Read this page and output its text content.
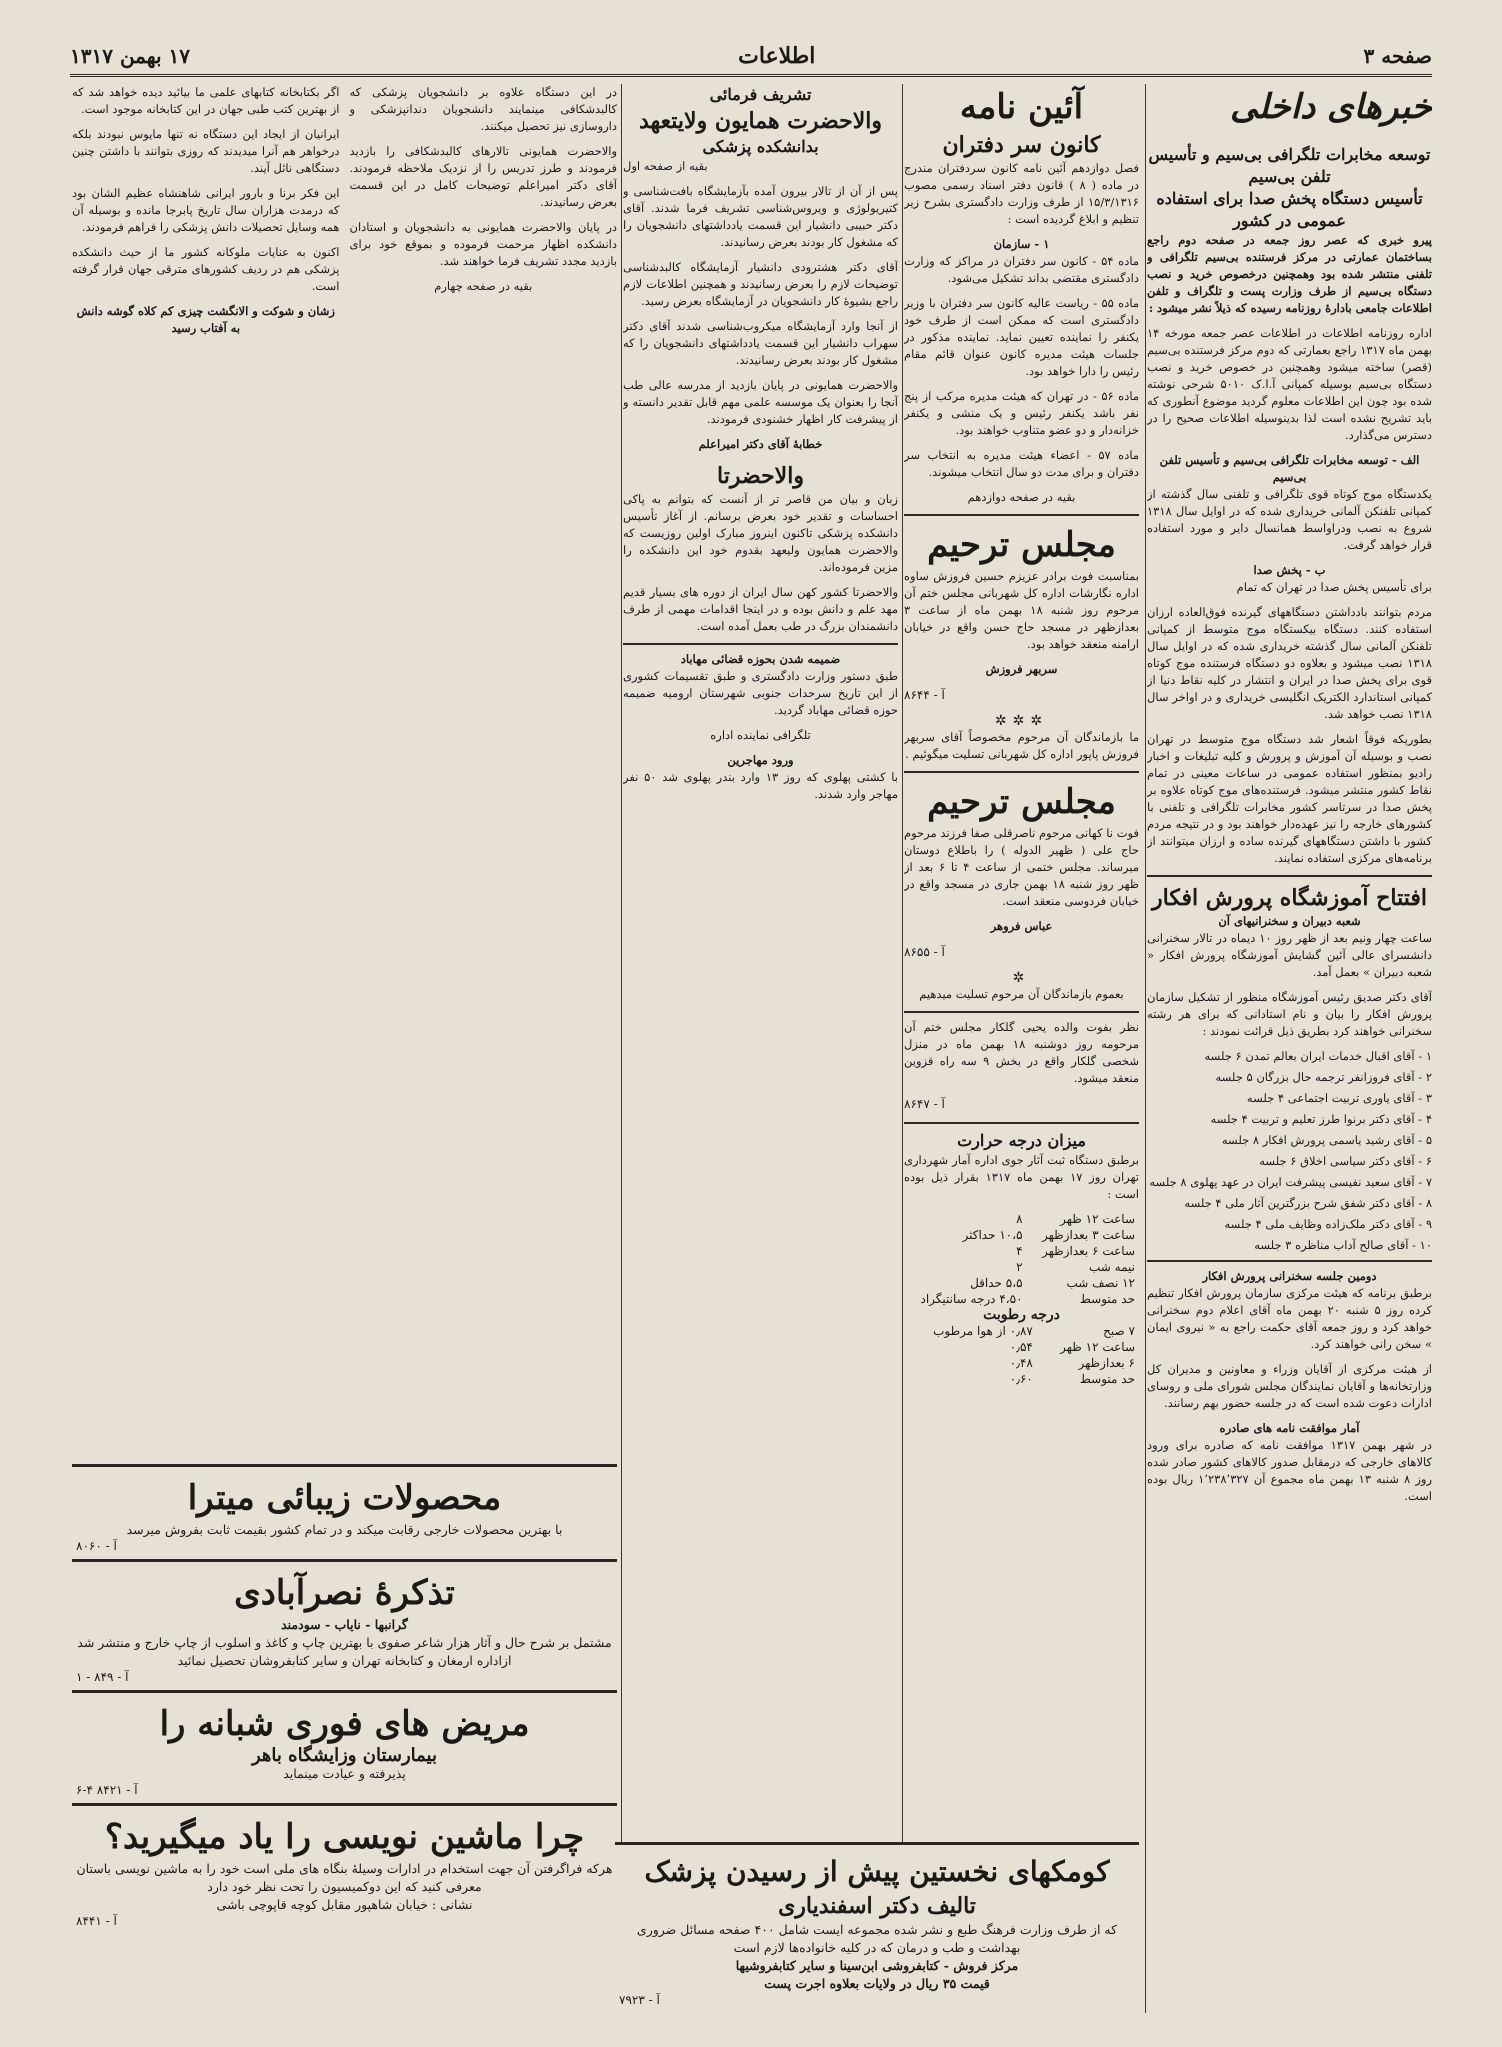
صفحه ۳
اطلاعات
۱۷ بهمن ۱۳۱۷
خبرهای داخلی
توسعه مخابرات تلگرافی بی‌سیم و تأسیس تلفن بی‌سیم
تأسیس دستگاه پخش صدا برای استفاده عمومی در کشور

پیرو خبری که عصر روز جمعه در صفحه دوم راجع بساختمان عمارتی در مرکز فرستنده بی‌سیم تلگرافی و تلفنی منتشر شده بود وهمچنین درخصوص خرید و نصب دستگاه بی‌سیم از طرف وزارت پست و تلگراف و تلفن اطلاعات جامعی بادارهٔ روزنامه رسیده که ذیلاً نشر میشود :

اداره روزنامه اطلاعات در اطلاعات عصر جمعه مورخه ۱۴ بهمن ماه ۱۳۱۷ راجع بعمارتی که دوم مرکز فرستنده بی‌سیم (قصر) ساخته میشود وهمچنین در خصوص خرید و نصب دستگاه بی‌سیم بوسیله کمپانی آ.ا.ک ۵۰۱۰ شرحی نوشته شده بود چون این اطلاعات معلوم گردید موضوع آنطوری که باید تشریح نشده است لذا بدینوسیله اطلاعات صحیح را در دسترس می‌گذارد.

الف - توسعه مخابرات تلگرافی بی‌سیم و تأسیس تلفن بی‌سیم

یکدستگاه موج کوتاه قوی تلگرافی و تلفنی سال گذشته از کمپانی تلفنکن آلمانی خریداری شده که در اوایل سال ۱۳۱۸ شروع به نصب ودراواسط همانسال دایر و مورد استفاده قرار خواهد گرفت.

ب - پخش صدا

برای تأسیس پخش صدا در تهران که تمام

مردم بتوانند بادداشتن دستگاههای گیرنده فوق‌العاده ارزان استفاده کنند. دستگاه بیکستگاه موج متوسط از کمپانی تلفنکن آلمانی سال گذشته خریداری شده که در اوایل سال ۱۳۱۸ نصب میشود و بعلاوه دو دستگاه فرستنده موج کوتاه قوی برای پخش صدا در ایران و انتشار در کلیه نقاط دنیا از کمپانی استاندارد الکتریک انگلیسی خریداری و در اواخر سال ۱۳۱۸ نصب خواهد شد.

بطوریکه فوقاً اشعار شد دستگاه موج متوسط در تهران نصب و بوسیله آن آموزش و پرورش و کلیه تبلیغات و اخبار رادیو بمنظور استفاده عمومی در ساعات معینی در تمام نقاط کشور منتشر میشود. فرستنده‌های موج کوتاه علاوه بر پخش صدا در سرتاسر کشور مخابرات تلگرافی و تلفنی با کشورهای خارجه را نیز عهده‌دار خواهند بود و در نتیجه مردم کشور با داشتن دستگاههای گیرنده ساده و ارزان میتوانند از برنامه‌های مرکزی استفاده نمایند.

افتتاح آموزشگاه پرورش افکار
شعبه دبیران و سخنرانیهای آن

ساعت چهار ونیم بعد از ظهر روز ۱۰ دیماه در تالار سخنرانی دانشسرای عالی آئین گشایش آموزشگاه پرورش افکار « شعبه دبیران » بعمل آمد.

آقای دکتر صدیق رئیس آموزشگاه منظور از تشکیل سازمان پرورش افکار را بیان و نام استادانی که برای هر رشته سخنرانی خواهند کرد بطریق ذیل قرائت نمودند :

۱ - آقای اقبال خدمات ایران بعالم تمدن ۶ جلسه

۲ - آقای فروزانفر ترجمه حال بزرگان ۵ جلسه

۳ - آقای یاوری تربیت اجتماعی ۴ جلسه

۴ - آقای دکتر برنوا طرز تعلیم و تربیت ۴ جلسه

۵ - آقای رشید یاسمی پرورش افکار ۸ جلسه

۶ - آقای دکتر سیاسی اخلاق ۶ جلسه

۷ - آقای سعید نفیسی پیشرفت ایران در عهد پهلوی ۸ جلسه

۸ - آقای دکتر شفق شرح بزرگترین آثار ملی ۴ جلسه

۹ - آقای دکتر ملک‌زاده وظایف ملی ۴ جلسه

۱۰ - آقای صالح آداب مناظره ۳ جلسه

دومین جلسه سخنرانی پرورش افکار

برطبق برنامه که هیئت مرکزی سازمان پرورش افکار تنظیم کرده روز ۵ شنبه ۲۰ بهمن ماه آقای اعلام دوم سخنرانی خواهد کرد و روز جمعه آقای حکمت راجع به « نیروی ایمان » سخن رانی خواهند کرد.

از هیئت مرکزی از آقایان وزراء و معاونین و مدیران کل وزارتخانه‌ها و آقایان نمایندگان مجلس شورای ملی و روسای ادارات دعوت شده است که در جلسه حضور بهم رسانند.

آمار موافقت نامه های صادره

در شهر بهمن ۱۳۱۷ موافقت نامه که صادره برای ورود کالاهای خارجی که درمقابل صدور کالاهای کشور صادر شده روز ۸ شنبه ۱۳ بهمن ماه مجموع آن ۱٬۲۳۸٬۳۲۷ ریال بوده است.

آئین نامه
کانون سر دفتران

فصل دوازدهم آئین نامه کانون سردفتران مندرج در ماده ( ۸ ) قانون دفتر اسناد رسمی مصوب ۱۵/۳/۱۳۱۶ از طرف وزارت دادگستری بشرح زیر تنظیم و ابلاغ گردیده است :

۱ - سازمان

ماده ۵۴ - کانون سر دفتران در مراکز که وزارت دادگستری مقتضی بداند تشکیل می‌شود.

ماده ۵۵ - ریاست عالیه کانون سر دفتران با وزیر دادگستری است که ممکن است از طرف خود یکنفر را نماینده تعیین نماید. نماینده مذکور در جلسات هیئت مدیره کانون عنوان قائم مقام رئیس را دارا خواهد بود.

ماده ۵۶ - در تهران که هیئت مدیره مرکب از پنج نفر باشد یکنفر رئیس و یک منشی و یکنفر خزانه‌دار و دو عضو متناوب خواهند بود.

ماده ۵۷ - اعضاء هیئت مدیره به انتخاب سر دفتران و برای مدت دو سال انتخاب میشوند.

بقیه در صفحه دوازدهم

مجلس ترحیم

بمناسبت فوت برادر عزیزم حسین فروزش ساوه اداره نگارشات اداره کل شهربانی مجلس ختم آن مرحوم روز شنبه ۱۸ بهمن ماه از ساعت ۳ بعدازظهر در مسجد حاج حسن واقع در خیابان ارامنه منعقد خواهد بود.

سربهر فروزش

آ - ۸۶۴۴

✲✲✲

ما بازماندگان آن مرحوم مخصوصاً آقای سربهر فروزش پاپور اداره کل شهربانی تسلیت میگوئیم .

مجلس ترحیم

فوت نا کهانی مرحوم ناصرقلی صفا فرزند مرحوم حاج علی ( ظهیر الدوله ) را باطلاع دوستان میرساند. مجلس ختمی از ساعت ۴ تا ۶ بعد از ظهر روز شنبه ۱۸ بهمن جاری در مسجد واقع در خیابان فردوسی منعقد است.

عباس فروهر

آ - ۸۶۵۵

✲

بعموم بازماندگان آن مرحوم تسلیت میدهیم

نظر بفوت والده یحیی گلکار مجلس ختم آن مرحومه روز دوشنبه ۱۸ بهمن ماه در منزل شخصی گلکار واقع در بخش ۹ سه راه قزوین منعقد میشود.

آ - ۸۶۴۷

میزان درجه حرارت

برطبق دستگاه ثبت آثار جوی اداره آمار شهرداری تهران روز ۱۷ بهمن ماه ۱۳۱۷ بقرار ذیل بوده است :

ساعت ۱۲ ظهر	۸
ساعت ۳ بعدازظهر	۱۰،۵ حداکثر
ساعت ۶ بعدازظهر	۴
نیمه شب	۲
۱۲ نصف شب	۵،۵ حداقل
حد متوسط	۴،۵۰ درجه سانتیگراد
درجه رطوبت
۷ صبح	۰٫۸۷ از هوا مرطوب
ساعت ۱۲ ظهر	۰٫۵۴
۶ بعدازظهر	۰٫۴۸
حد متوسط	۰٫۶۰
تشریف فرمائی
والاحضرت همایون ولایتعهد
بدانشکده پزشکی

بقیه از صفحه اول

پس از آن از تالار بیرون آمده بآزمایشگاه بافت‌شناسی و کتیریولوژی و ویروس‌شناسی تشریف فرما شدند. آقای دکتر حبیبی دانشیار این قسمت یادداشتهای دانشجویان را که مشغول کار بودند بعرض رسانیدند.

آقای دکتر هشترودی دانشیار آزمایشگاه کالبدشناسی توضیحات لازم را بعرض رسانیدند و همچنین اطلاعات لازم راجع بشیوهٔ کار دانشجویان در آزمایشگاه بعرض رسید.

از آنجا وارد آزمایشگاه میکروب‌شناسی شدند آقای دکتر سهراب دانشیار این قسمت یادداشتهای دانشجویان را که مشغول کار بودند بعرض رسانیدند.

والاحضرت همایونی در پایان بازدید از مدرسه عالی طب آنجا را بعنوان یک موسسه علمی مهم قابل تقدیر دانسته و از پیشرفت کار اظهار خشنودی فرمودند.

خطابهٔ آقای دکتر امیراعلم

والاحضرتا

زبان و بیان من قاصر تر از آنست که بتوانم به پاکی احساسات و تقدیر خود بعرض برسانم. از آغاز تأسیس دانشکده پزشکی تاکنون اینروز مبارک اولین روزیست که والاحضرت همایون ولیعهد بقدوم خود این دانشکده را مزین فرموده‌اند.

والاحضرتا کشور کهن سال ایران از دوره های بسیار قدیم مهد علم و دانش بوده و در اینجا اقدامات مهمی از طرف دانشمندان بزرگ در طب بعمل آمده است.

ضمیمه شدن بحوزه قضائی مهاباد

طبق دستور وزارت دادگستری و طبق تقسیمات کشوری از این تاریخ سرحدات جنوبی شهرستان ارومیه ضمیمه حوزه قضائی مهاباد گردید.

تلگرافی نماینده اداره

ورود مهاجرین

با کشتی پهلوی که روز ۱۳ وارد بندر پهلوی شد ۵۰ نفر مهاجر وارد شدند.

در این دستگاه علاوه بر دانشجویان پزشکی که کالبدشکافی مینمایند دانشجویان دندانپزشکی و داروسازی نیز تحصیل میکنند.

والاحضرت همایونی تالارهای کالبدشکافی را بازدید فرمودند و طرز تدریس را از نزدیک ملاحظه فرمودند. آقای دکتر امیراعلم توضیحات کامل در این قسمت بعرض رسانیدند.

در پایان والاحضرت همایونی به دانشجویان و استادان دانشکده اظهار مرحمت فرموده و بموقع خود برای بازدید مجدد تشریف فرما خواهند شد.

بقیه در صفحه چهارم

اگر بکتابخانه کتابهای علمی ما بیائید دیده خواهد شد که از بهترین کتب طبی جهان در این کتابخانه موجود است.

ایرانیان از ایجاد این دستگاه نه تنها مایوس نبودند بلکه درخواهر هم آنرا میدیدند که روزی بتوانند با داشتن چنین دستگاهی نائل آیند.

این فکر برنا و بارور ایرانی شاهنشاه عظیم الشان بود که درمدت هزاران سال تاریخ پابرجا مانده و بوسیله آن همه وسایل تحصیلات دانش پزشکی را فراهم فرمودند.

اکنون به عنایات ملوکانه کشور ما از حیث دانشکده پزشکی هم در ردیف کشورهای مترقی جهان قرار گرفته است.

زشان و شوکت و الانگشت چیزی کم کلاه گوشه دانش به آفتاب رسید

محصولات زیبائی میترا
با بهترین محصولات خارجی رقابت میکند و در تمام کشور بقیمت ثابت بفروش میرسد
آ - ۸۰۶۰
تذکرهٔ نصرآبادی
گرانبها - نایاب - سودمند
مشتمل بر شرح حال و آثار هزار شاعر صفوی با بهترین چاپ و کاغذ و اسلوب از چاپ خارج و منتشر شد ازاداره ارمغان و کتابخانه تهران و سایر کتابفروشان تحصیل نمائید
آ - ۸۴۹ - ۱
مریض های فوری شبانه را
بیمارستان وزایشگاه باهر
پذیرفته و عیادت مینماید
آ - ۸۴۲۱ ۴-۶
چرا ماشین نویسی را یاد میگیرید؟
هرکه فراگرفتن آن جهت استخدام در ادارات وسیلهٔ بنگاه های ملی است خود را به ماشین نویسی باستان معرفی کنید که این دوکمیسیون را تحت نظر خود دارد
نشانی : خیابان شاهپور مقابل کوچه قاپوچی باشی
آ - ۸۴۴۱
کومکهای نخستین پیش از رسیدن پزشک
تالیف دکتر اسفندیاری
که از طرف وزارت فرهنگ طبع و نشر شده مجموعه ایست شامل ۴۰۰ صفحه مسائل ضروری بهداشت و طب و درمان که در کلیه خانواده‌ها لازم است
مرکز فروش - کتابفروشی ابن‌سینا و سایر کتابفروشیها
قیمت ۳۵ ریال در ولایات بعلاوه اجرت پست
آ - ۷۹۲۳
